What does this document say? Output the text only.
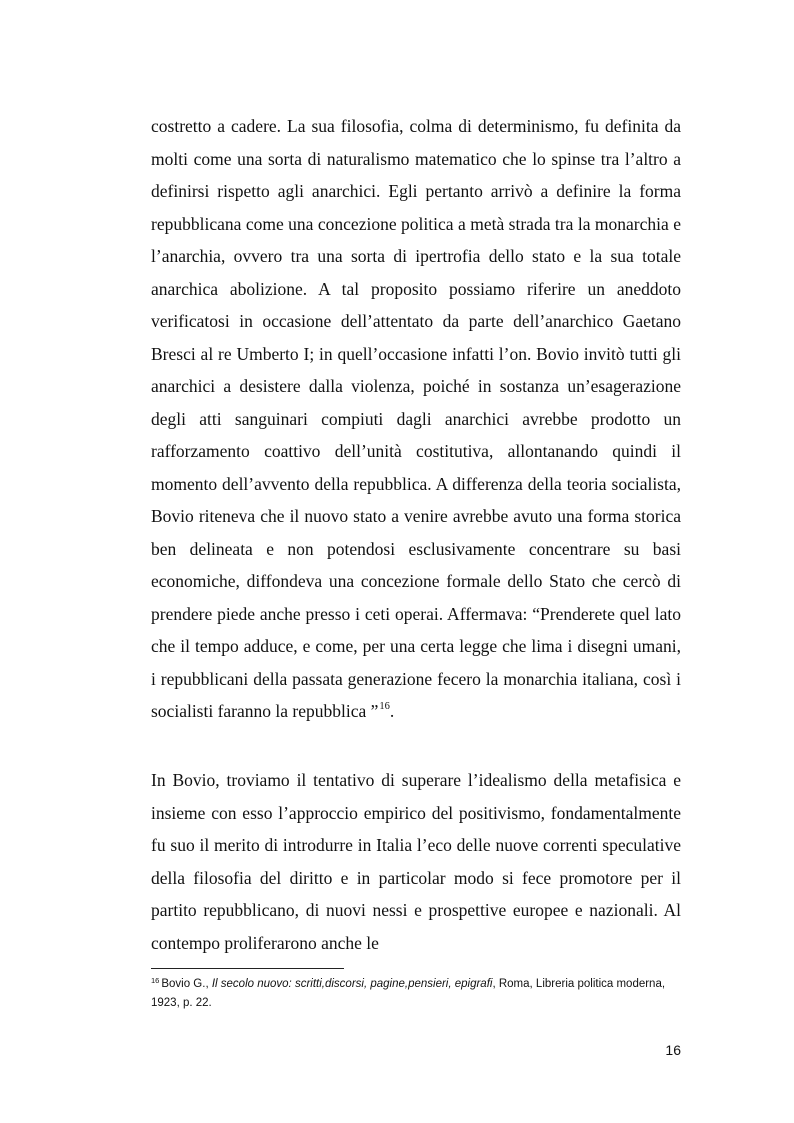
costretto a cadere. La sua filosofia, colma di determinismo, fu definita da molti come una sorta di naturalismo matematico che lo spinse tra l’altro a definirsi rispetto agli anarchici. Egli pertanto arrivò a definire la forma repubblicana come una concezione politica a metà strada tra la monarchia e l’anarchia, ovvero tra una sorta di ipertrofia dello stato e la sua totale anarchica abolizione. A tal proposito possiamo riferire un aneddoto verificatosi in occasione dell’attentato da parte dell’anarchico Gaetano Bresci al re Umberto I; in quell’occasione infatti l’on. Bovio invitò tutti gli anarchici a desistere dalla violenza, poiché in sostanza un’esagerazione degli atti sanguinari compiuti dagli anarchici avrebbe prodotto un rafforzamento coattivo dell’unità costitutiva, allontanando quindi il momento dell’avvento della repubblica. A differenza della teoria socialista, Bovio riteneva che il nuovo stato a venire avrebbe avuto una forma storica ben delineata e non potendosi esclusivamente concentrare su basi economiche, diffondeva una concezione formale dello Stato che cercò di prendere piede anche presso i ceti operai. Affermava: “Prenderete quel lato che il tempo adduce, e come, per una certa legge che lima i disegni umani, i repubblicani della passata generazione fecero la monarchia italiana, così i socialisti faranno la repubblica ”$^{16}$.

In Bovio, troviamo il tentativo di superare l’idealismo della metafisica e insieme con esso l’approccio empirico del positivismo, fondamentalmente fu suo il merito di introdurre in Italia l’eco delle nuove correnti speculative della filosofia del diritto e in particolar modo si fece promotore per il partito repubblicano, di nuovi nessi e prospettive europee e nazionali. Al contempo proliferarono anche le

$^{16}$ Bovio G., Il secolo nuovo: scritti,discorsi, pagine,pensieri, epigrafi, Roma, Libreria politica moderna, 1923, p. 22.

16
